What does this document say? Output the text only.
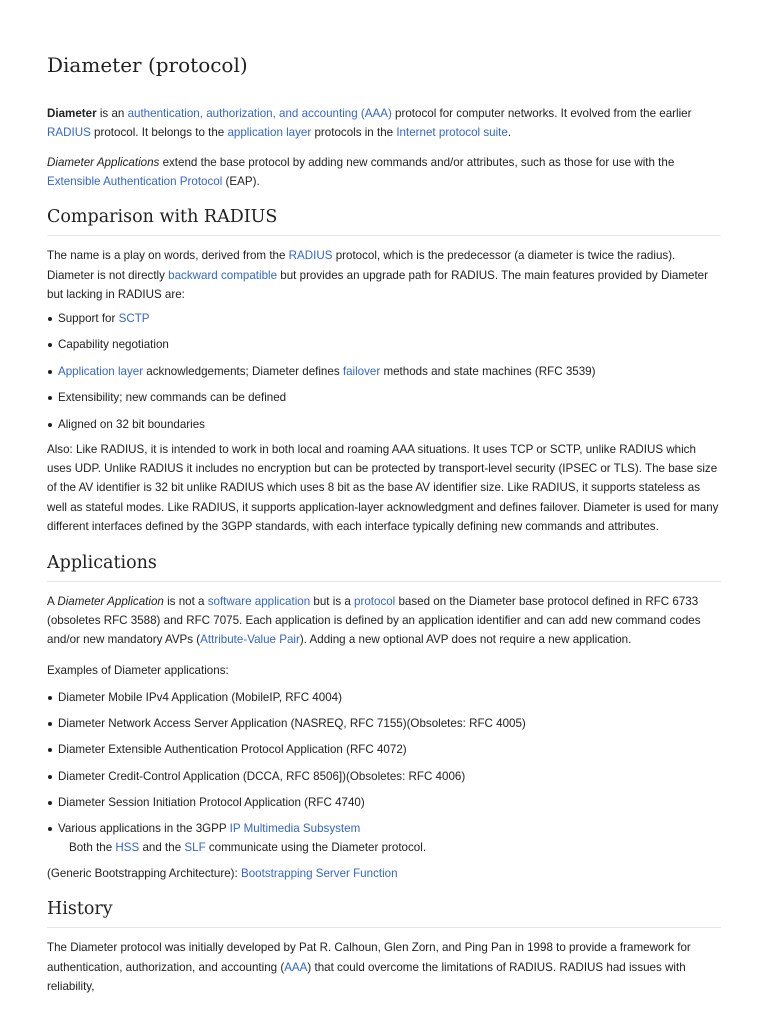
Diameter (protocol)

Diameter is an authentication, authorization, and accounting (AAA) protocol for computer networks. It evolved from the earlier RADIUS protocol. It belongs to the application layer protocols in the Internet protocol suite.

Diameter Applications extend the base protocol by adding new commands and/or attributes, such as those for use with the Extensible Authentication Protocol (EAP).

Comparison with RADIUS

The name is a play on words, derived from the RADIUS protocol, which is the predecessor (a diameter is twice the radius). Diameter is not directly backward compatible but provides an upgrade path for RADIUS. The main features provided by Diameter but lacking in RADIUS are:

Support for SCTP
Capability negotiation
Application layer acknowledgements; Diameter defines failover methods and state machines (RFC 3539)
Extensibility; new commands can be defined
Aligned on 32 bit boundaries

Also: Like RADIUS, it is intended to work in both local and roaming AAA situations. It uses TCP or SCTP, unlike RADIUS which uses UDP. Unlike RADIUS it includes no encryption but can be protected by transport-level security (IPSEC or TLS). The base size of the AV identifier is 32 bit unlike RADIUS which uses 8 bit as the base AV identifier size. Like RADIUS, it supports stateless as well as stateful modes. Like RADIUS, it supports application-layer acknowledgment and defines failover. Diameter is used for many different interfaces defined by the 3GPP standards, with each interface typically defining new commands and attributes.

Applications

A Diameter Application is not a software application but is a protocol based on the Diameter base protocol defined in RFC 6733 (obsoletes RFC 3588) and RFC 7075. Each application is defined by an application identifier and can add new command codes and/or new mandatory AVPs (Attribute-Value Pair). Adding a new optional AVP does not require a new application.

Examples of Diameter applications:

Diameter Mobile IPv4 Application (MobileIP, RFC 4004)
Diameter Network Access Server Application (NASREQ, RFC 7155)(Obsoletes: RFC 4005)
Diameter Extensible Authentication Protocol Application (RFC 4072)
Diameter Credit-Control Application (DCCA, RFC 8506])(Obsoletes: RFC 4006)
Diameter Session Initiation Protocol Application (RFC 4740)
Various applications in the 3GPP IP Multimedia Subsystem
Both the HSS and the SLF communicate using the Diameter protocol.

(Generic Bootstrapping Architecture): Bootstrapping Server Function

History

The Diameter protocol was initially developed by Pat R. Calhoun, Glen Zorn, and Ping Pan in 1998 to provide a framework for authentication, authorization, and accounting (AAA) that could overcome the limitations of RADIUS. RADIUS had issues with reliability,
